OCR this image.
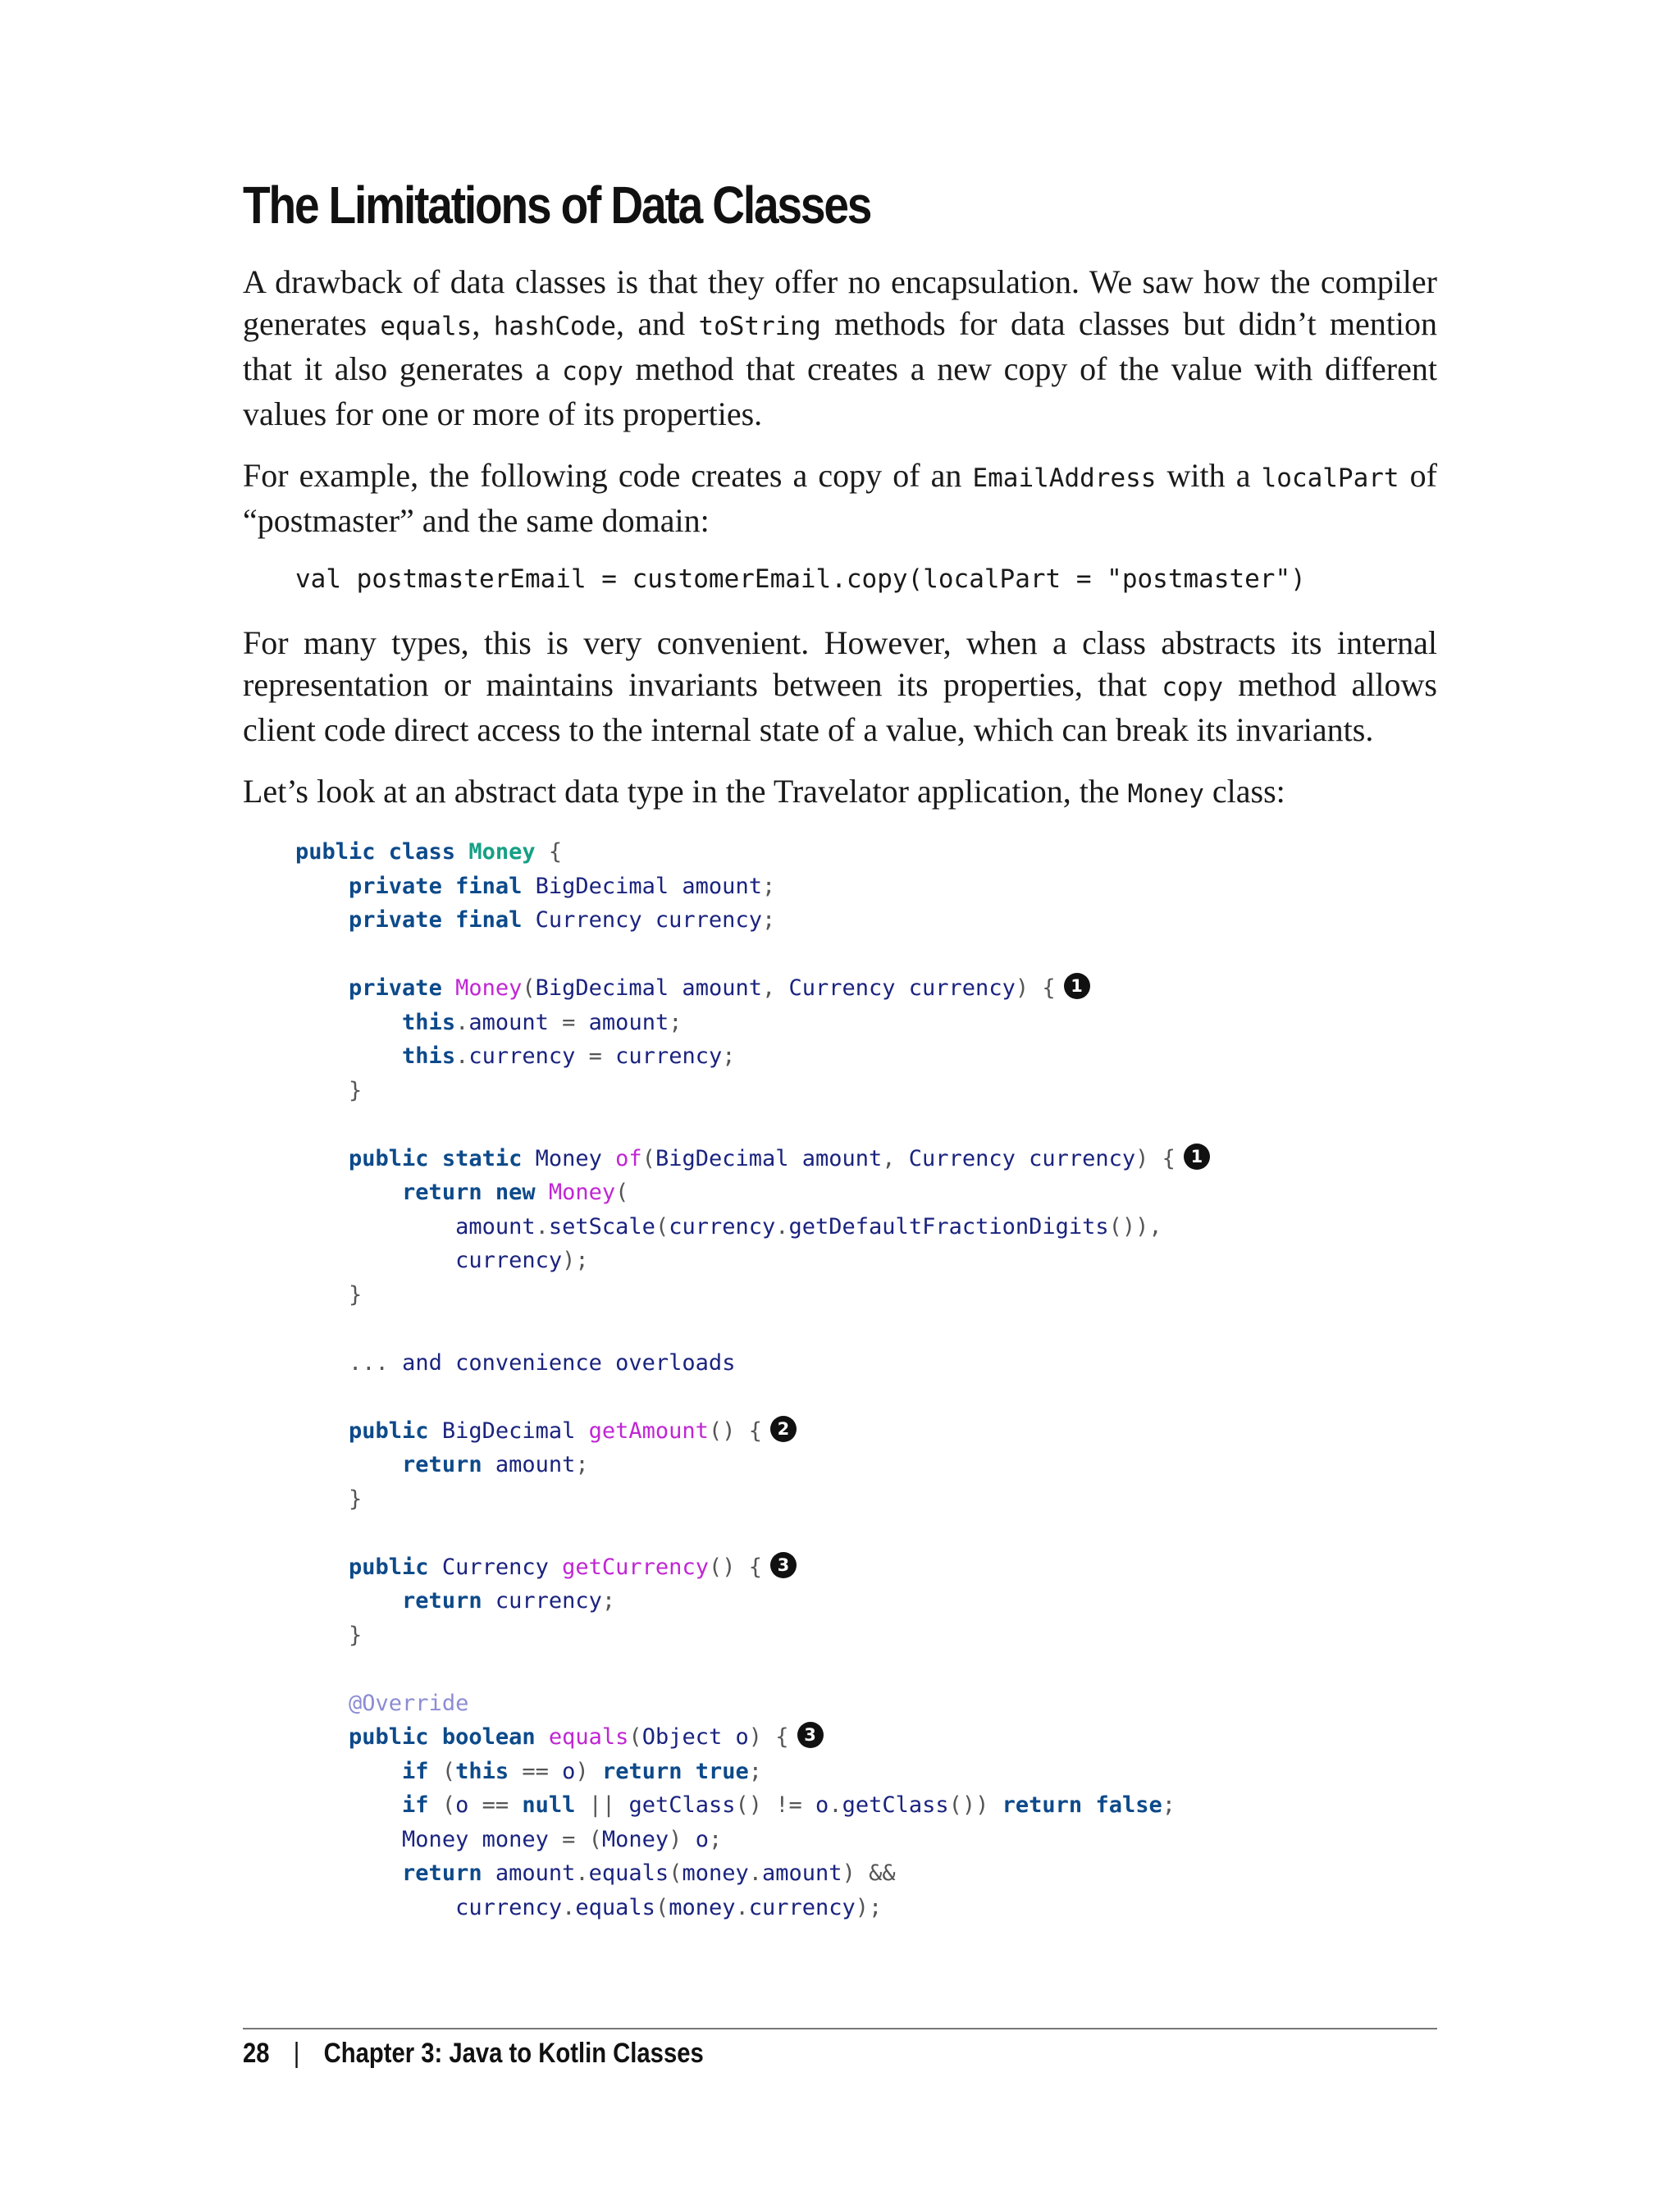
The Limitations of Data Classes

A drawback of data classes is that they offer no encapsulation. We saw how the compiler generates equals, hashCode, and toString methods for data classes but didn’t mention that it also generates a copy method that creates a new copy of the value with different values for one or more of its properties.

For example, the following code creates a copy of an EmailAddress with a localPart of “postmaster” and the same domain:

val postmasterEmail = customerEmail.copy(localPart = "postmaster")

For many types, this is very convenient. However, when a class abstracts its internal representation or maintains invariants between its properties, that copy method allows client code direct access to the internal state of a value, which can break its invariants.

Let’s look at an abstract data type in the Travelator application, the Money class:

public class Money {
private final BigDecimal amount;
private final Currency currency;

private Money(BigDecimal amount, Currency currency) { 1
this.amount = amount;
this.currency = currency;
}

public static Money of(BigDecimal amount, Currency currency) { 1
return new Money(
amount.setScale(currency.getDefaultFractionDigits()),
currency);
}

... and convenience overloads

public BigDecimal getAmount() { 2
return amount;
}

public Currency getCurrency() { 3
return currency;
}

@Override
public boolean equals(Object o) { 3
if (this == o) return true;
if (o == null || getClass() != o.getClass()) return false;
Money money = (Money) o;
return amount.equals(money.amount) &&
currency.equals(money.currency);
28 | Chapter 3: Java to Kotlin Classes
